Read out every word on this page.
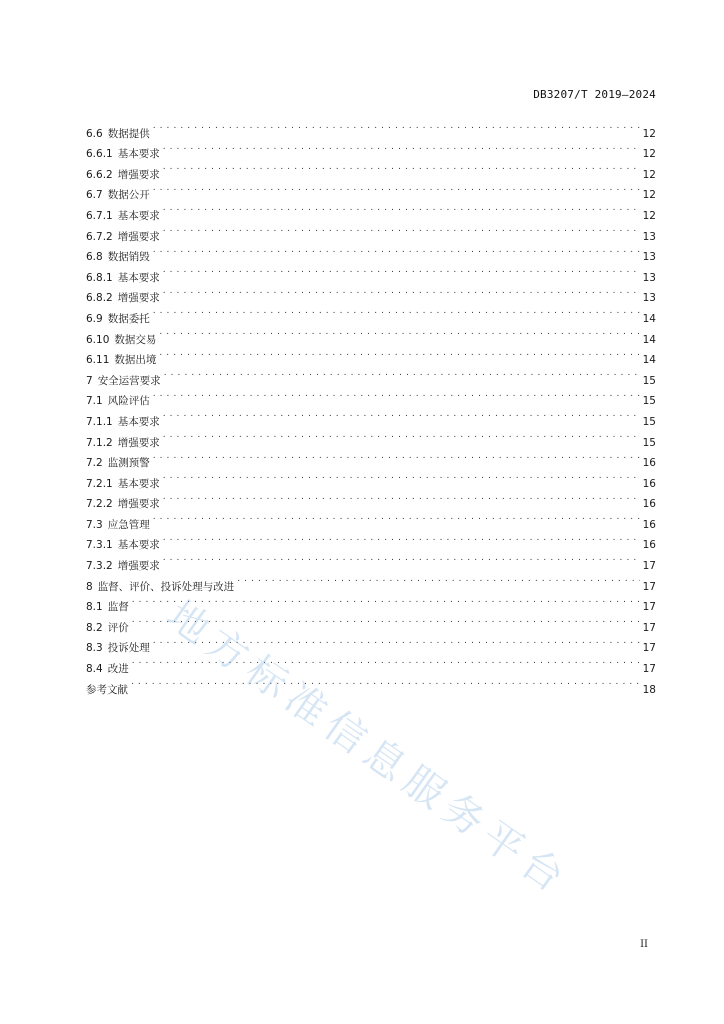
DB3207/T 2019—2024
6.6 数据提供 . . .	12
6.6.1 基本要求 . . .	12
6.6.2 增强要求 . . .	12
6.7 数据公开 . . .	12
6.7.1 基本要求 . . .	12
6.7.2 增强要求 . . .	13
6.8 数据销毁 . . .	13
6.8.1 基本要求 . . .	13
6.8.2 增强要求 . . .	13
6.9 数据委托 . . .	14
6.10 数据交易 . . .	14
6.11 数据出境 . . .	14
7 安全运营要求 . . .	15
7.1 风险评估 . . .	15
7.1.1 基本要求 . . .	15
7.1.2 增强要求 . . .	15
7.2 监测预警 . . .	16
7.2.1 基本要求 . . .	16
7.2.2 增强要求 . . .	16
7.3 应急管理 . . .	16
7.3.1 基本要求 . . .	16
7.3.2 增强要求 . . .	17
8 监督、评价、投诉处理与改进 . . .	17
8.1 监督 . . .	17
8.2 评价 . . .	17
8.3 投诉处理 . . .	17
8.4 改进 . . .	17
参考文献 . . .	18
地方标准信息服务平台
II
